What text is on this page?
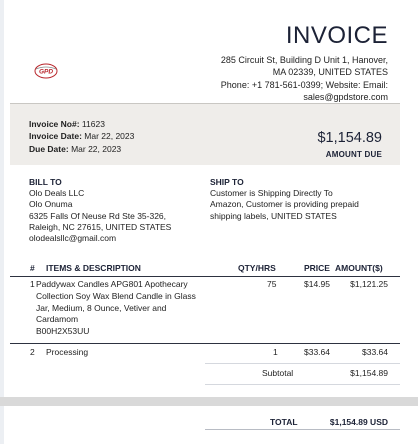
GPD
INVOICE
285 Circuit St, Building D Unit 1, Hanover,
MA 02339, UNITED STATES
Phone: +1 781-561-0399; Website: Email:
sales@gpdstore.com
Invoice No#: 11623
Invoice Date: Mar 22, 2023
Due Date: Mar 22, 2023
$1,154.89
AMOUNT DUE
BILL TO
Olo Deals LLC
Olo Onuma
6325 Falls Of Neuse Rd Ste 35-326,
Raleigh, NC 27615, UNITED STATES
olodealsllc@gmail.com
SHIP TO
Customer is Shipping Directly To
Amazon, Customer is providing prepaid
shipping labels, UNITED STATES
# ITEMS & DESCRIPTION	QTY/HRS	PRICE AMOUNT($)
1 Paddywax Candles APG801 Apothecary
Collection Soy Wax Blend Candle in Glass
Jar, Medium, 8 Ounce, Vetiver and
Cardamom
B00H2X53UU
75	$14.95 $1,121.25
2 Processing	1	$33.64	$33.64
Subtotal	$1,154.89
TOTAL	$1,154.89 USD
